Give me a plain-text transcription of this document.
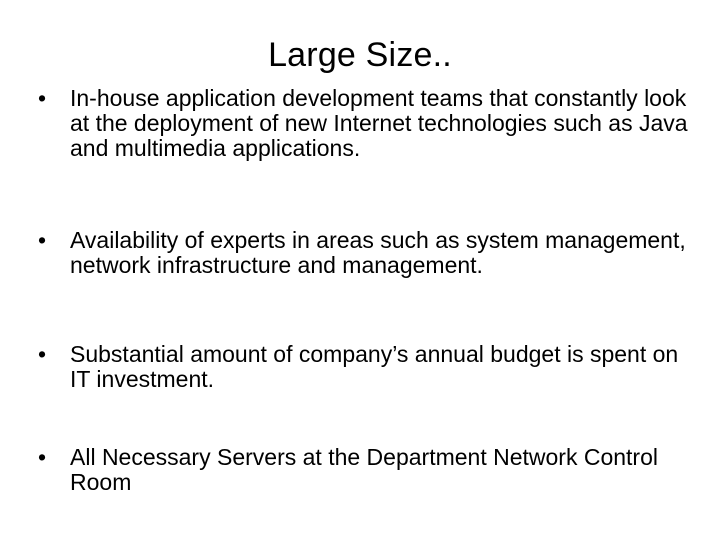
Large Size..
•	In-house application development teams that constantly look at the deployment of new Internet technologies such as Java and multimedia applications.
•	Availability of experts in areas such as system management, network infrastructure and management.
•	Substantial amount of company’s annual budget is spent on IT investment.
•	All Necessary Servers at the Department Network Control Room
